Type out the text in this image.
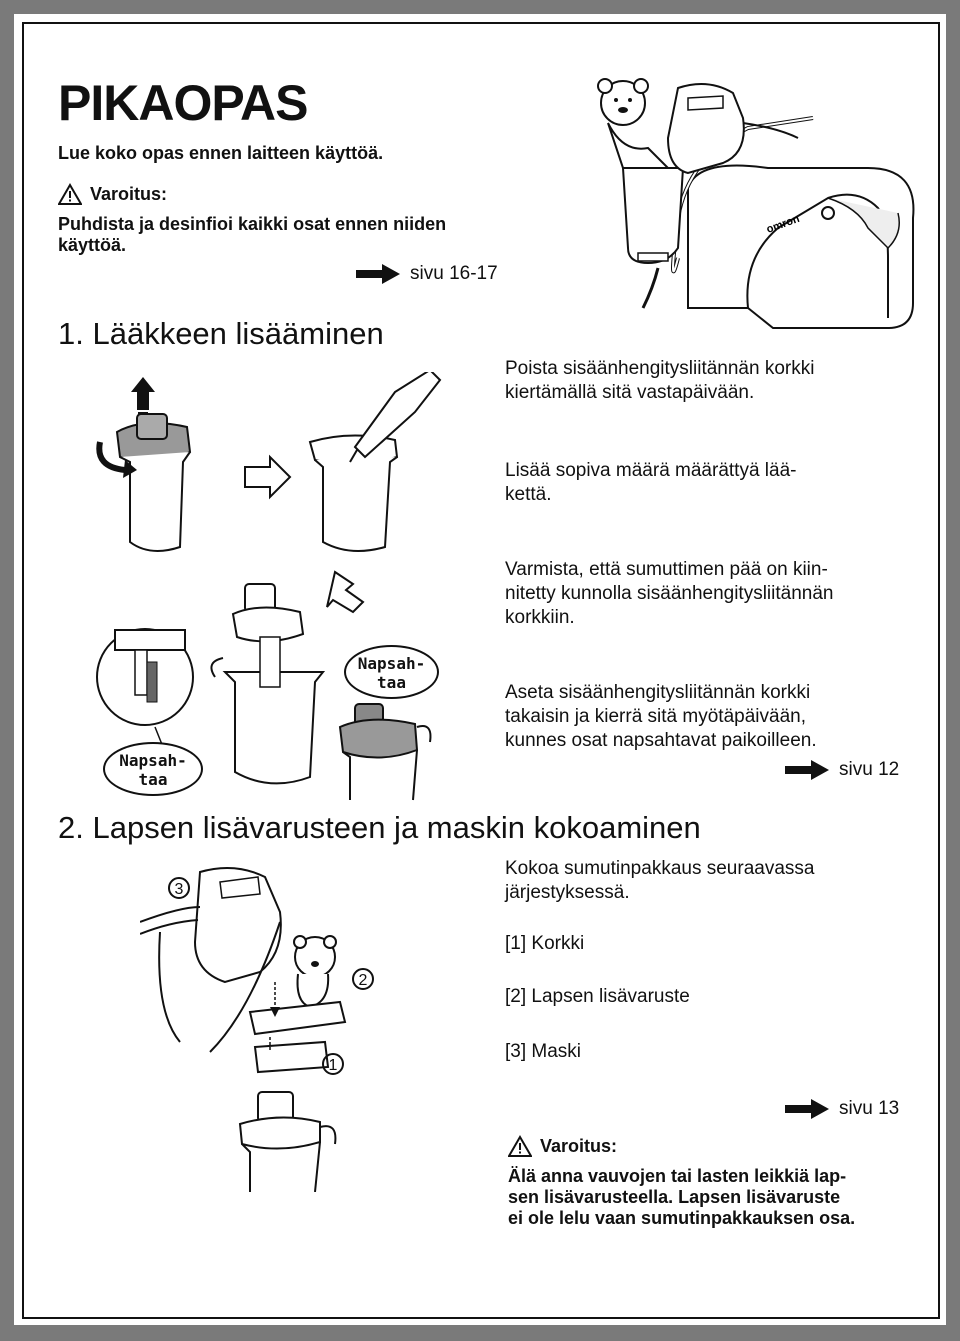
PIKAOPAS
Lue koko opas ennen laitteen käyttöä.
Varoitus:
Puhdista ja desinfioi kaikki osat ennen niiden
käyttöä.
sivu 16-17
omron
1. Lääkkeen lisääminen
Poista sisäänhengitysliitännän korkki
kiertämällä sitä vastapäivään.
Lisää sopiva määrä määrättyä lää-
kettä.
Varmista, että sumuttimen pää on kiin-
nitetty kunnolla sisäänhengitysliitännän
korkkiin.
Aseta sisäänhengitysliitännän korkki
takaisin ja kierrä sitä myötäpäivään,
kunnes osat napsahtavat paikoilleen.
sivu 12
Napsah-
taa
Napsah-
taa
2. Lapsen lisävarusteen ja maskin kokoaminen
Kokoa sumutinpakkaus seuraavassa
järjestyksessä.
[1] Korkki
[2] Lapsen lisävaruste
[3] Maski
sivu 13
3
2
1
Varoitus:
Älä anna vauvojen tai lasten leikkiä lap-
sen lisävarusteella. Lapsen lisävaruste
ei ole lelu vaan sumutinpakkauksen osa.
